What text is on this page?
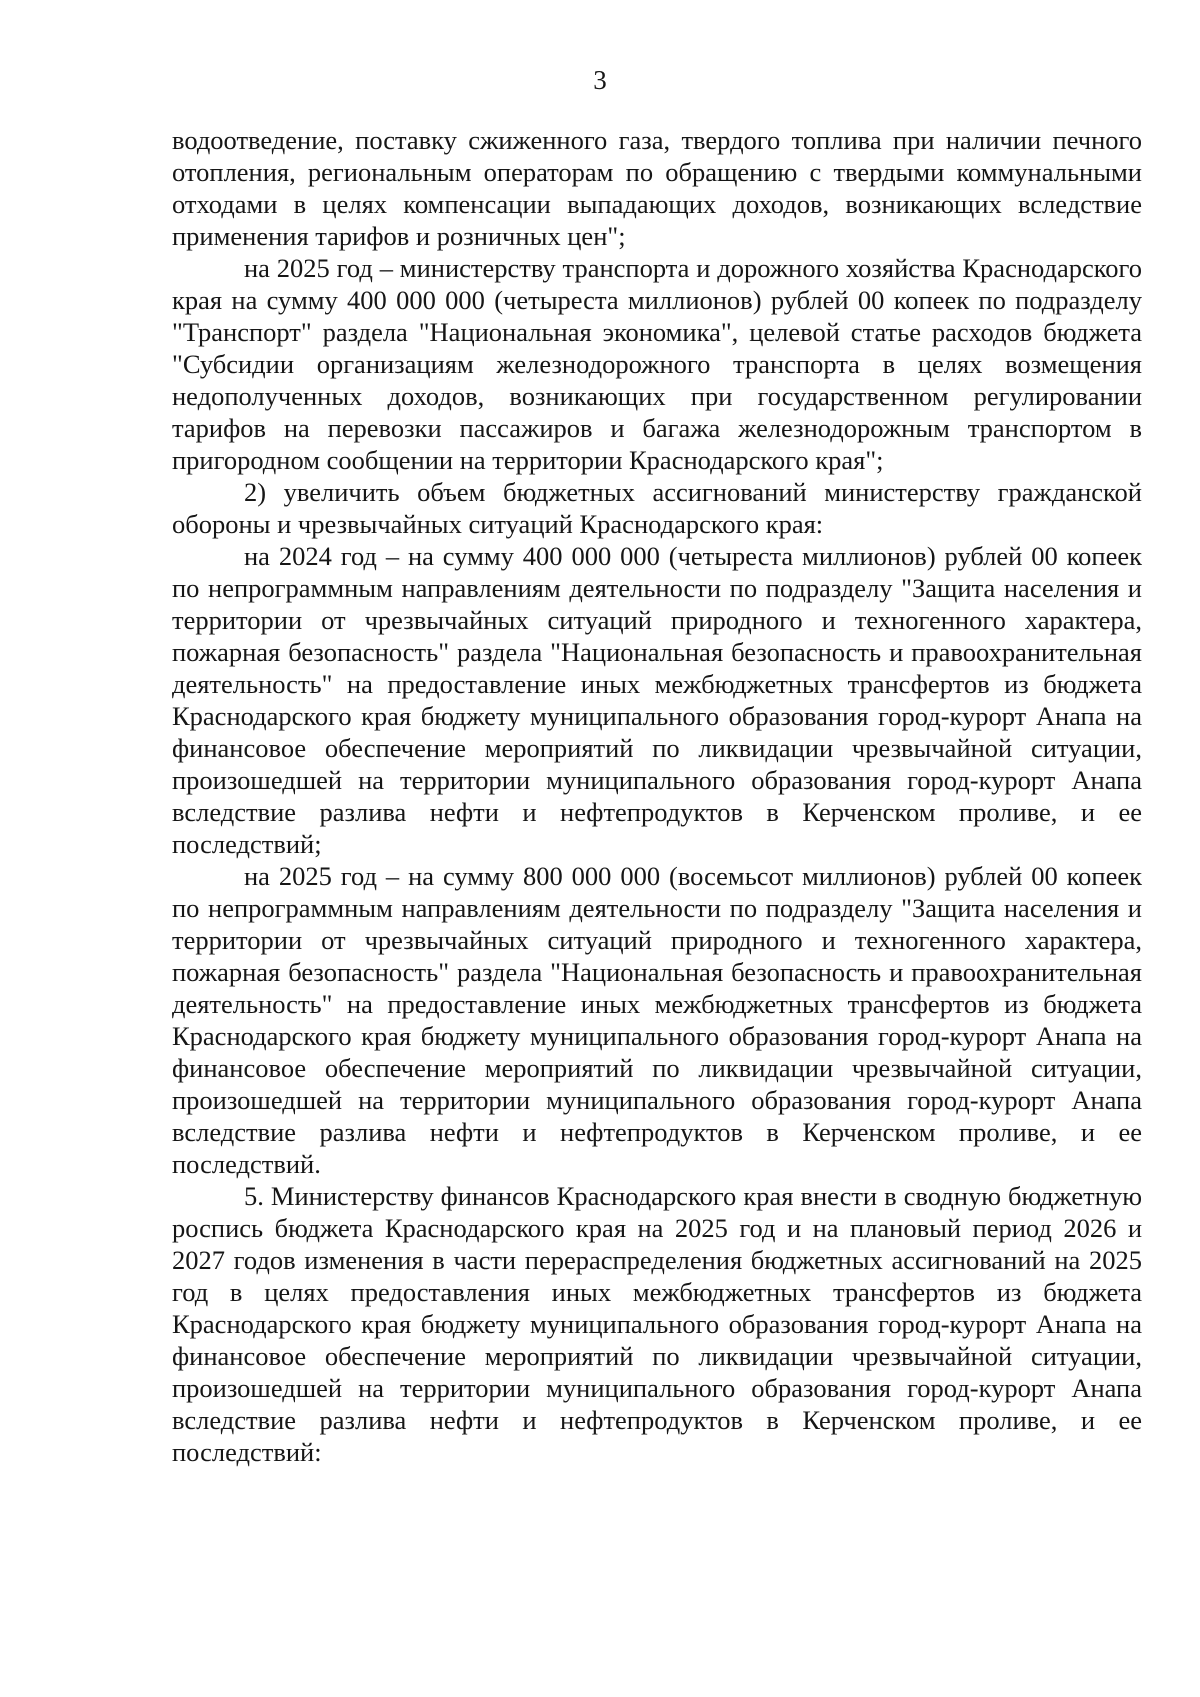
3

водоотведение, поставку сжиженного газа, твердого топлива при наличии печного отопления, региональным операторам по обращению с твердыми коммунальными отходами в целях компенсации выпадающих доходов, возникающих вследствие применения тарифов и розничных цен";

на 2025 год – министерству транспорта и дорожного хозяйства Краснодарского края на сумму 400 000 000 (четыреста миллионов) рублей 00 копеек по подразделу "Транспорт" раздела "Национальная экономика", целевой статье расходов бюджета "Субсидии организациям железнодорожного транспорта в целях возмещения недополученных доходов, возникающих при государственном регулировании тарифов на перевозки пассажиров и багажа железнодорожным транспортом в пригородном сообщении на территории Краснодарского края";

2) увеличить объем бюджетных ассигнований министерству гражданской обороны и чрезвычайных ситуаций Краснодарского края:

на 2024 год – на сумму 400 000 000 (четыреста миллионов) рублей 00 копеек по непрограммным направлениям деятельности по подразделу "Защита населения и территории от чрезвычайных ситуаций природного и техногенного характера, пожарная безопасность" раздела "Национальная безопасность и правоохранительная деятельность" на предоставление иных межбюджетных трансфертов из бюджета Краснодарского края бюджету муниципального образования город-курорт Анапа на финансовое обеспечение мероприятий по ликвидации чрезвычайной ситуации, произошедшей на территории муниципального образования город-курорт Анапа вследствие разлива нефти и нефтепродуктов в Керченском проливе, и ее последствий;

на 2025 год – на сумму 800 000 000 (восемьсот миллионов) рублей 00 копеек по непрограммным направлениям деятельности по подразделу "Защита населения и территории от чрезвычайных ситуаций природного и техногенного характера, пожарная безопасность" раздела "Национальная безопасность и правоохранительная деятельность" на предоставление иных межбюджетных трансфертов из бюджета Краснодарского края бюджету муниципального образования город-курорт Анапа на финансовое обеспечение мероприятий по ликвидации чрезвычайной ситуации, произошедшей на территории муниципального образования город-курорт Анапа вследствие разлива нефти и нефтепродуктов в Керченском проливе, и ее последствий.

5. Министерству финансов Краснодарского края внести в сводную бюджетную роспись бюджета Краснодарского края на 2025 год и на плановый период 2026 и 2027 годов изменения в части перераспределения бюджетных ассигнований на 2025 год в целях предоставления иных межбюджетных трансфертов из бюджета Краснодарского края бюджету муниципального образования город-курорт Анапа на финансовое обеспечение мероприятий по ликвидации чрезвычайной ситуации, произошедшей на территории муниципального образования город-курорт Анапа вследствие разлива нефти и нефтепродуктов в Керченском проливе, и ее последствий:
